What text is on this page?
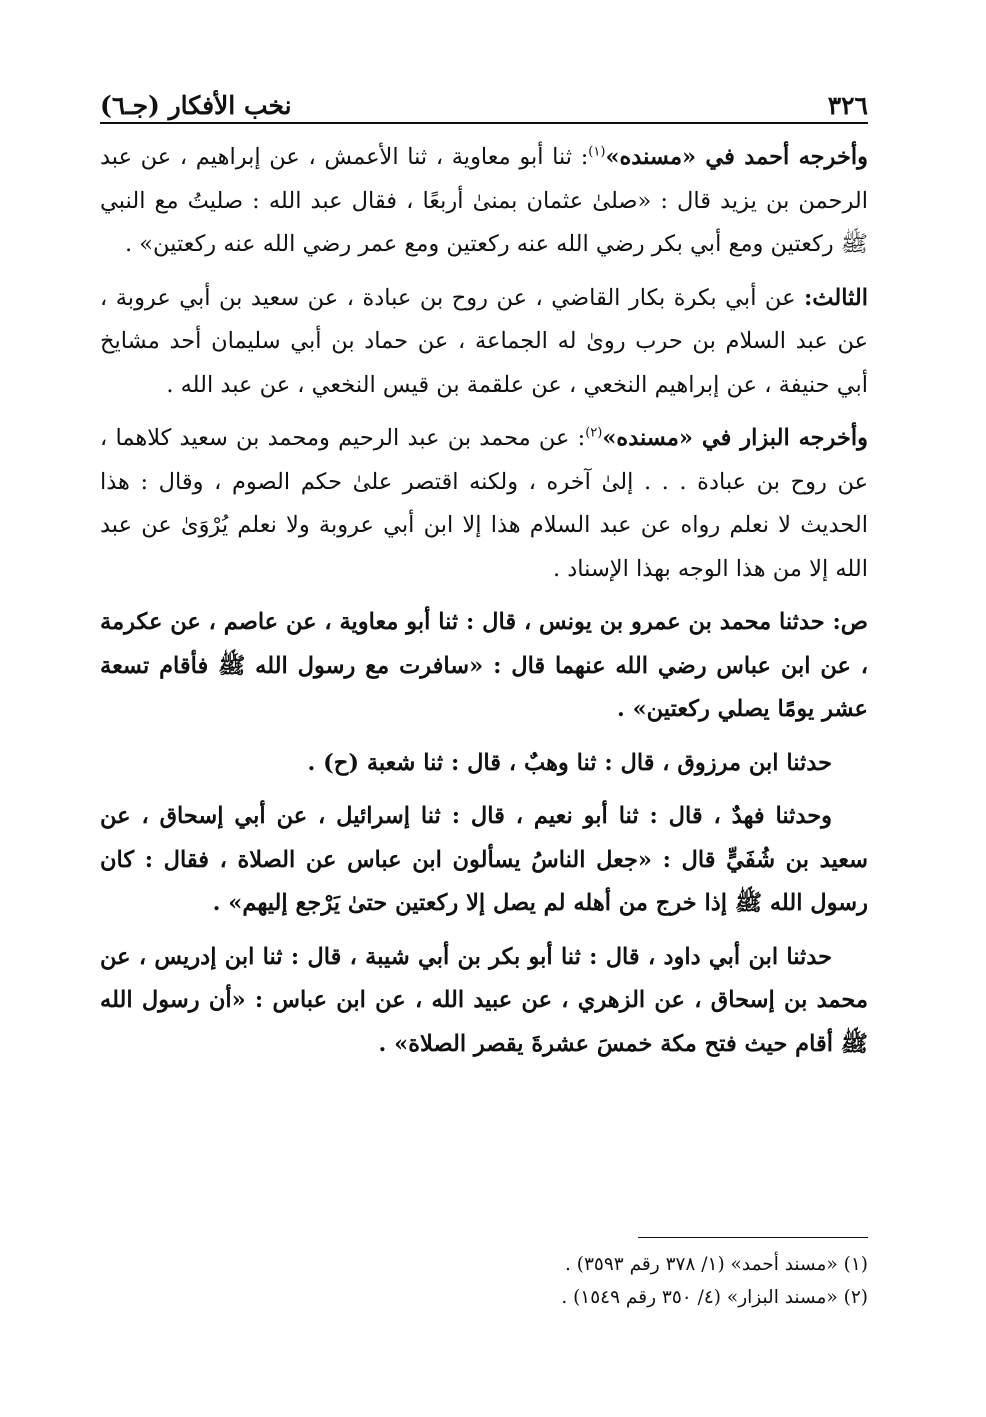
٣٢٦
نخب الأفكار (جـ٦)

وأخرجه أحمد في «مسنده»$^{(١)}$: ثنا أبو معاوية ، ثنا الأعمش ، عن إبراهيم ، عن عبد الرحمن بن يزيد قال : «صلىٰ عثمان بمنىٰ أربعًا ، فقال عبد الله : صليتُ مع النبي ﷺ ركعتين ومع أبي بكر رضي الله عنه ركعتين ومع عمر رضي الله عنه ركعتين» .

الثالث: عن أبي بكرة بكار القاضي ، عن روح بن عبادة ، عن سعيد بن أبي عروبة ، عن عبد السلام بن حرب روىٰ له الجماعة ، عن حماد بن أبي سليمان أحد مشايخ أبي حنيفة ، عن إبراهيم النخعي ، عن علقمة بن قيس النخعي ، عن عبد الله .

وأخرجه البزار في «مسنده»$^{(٢)}$: عن محمد بن عبد الرحيم ومحمد بن سعيد كلاهما ، عن روح بن عبادة . . . إلىٰ آخره ، ولكنه اقتصر علىٰ حكم الصوم ، وقال : هذا الحديث لا نعلم رواه عن عبد السلام هذا إلا ابن أبي عروبة ولا نعلم يُرْوَىٰ عن عبد الله إلا من هذا الوجه بهذا الإسناد .

ص: حدثنا محمد بن عمرو بن يونس ، قال : ثنا أبو معاوية ، عن عاصم ، عن عكرمة ، عن ابن عباس رضي الله عنهما قال : «سافرت مع رسول الله ﷺ فأقام تسعة عشر يومًا يصلي ركعتين» .

حدثنا ابن مرزوق ، قال : ثنا وهبٌ ، قال : ثنا شعبة (ح) .

وحدثنا فهدٌ ، قال : ثنا أبو نعيم ، قال : ثنا إسرائيل ، عن أبي إسحاق ، عن سعيد بن شُفَيٍّ قال : «جعل الناسُ يسألون ابن عباس عن الصلاة ، فقال : كان رسول الله ﷺ إذا خرج من أهله لم يصل إلا ركعتين حتىٰ يَرْجع إليهم» .

حدثنا ابن أبي داود ، قال : ثنا أبو بكر بن أبي شيبة ، قال : ثنا ابن إدريس ، عن محمد بن إسحاق ، عن الزهري ، عن عبيد الله ، عن ابن عباس : «أن رسول الله ﷺ أقام حيث فتح مكة خمسَ عشرةَ يقصر الصلاة» .

(١) «مسند أحمد» (١/ ٣٧٨ رقم ٣٥٩٣) .

(٢) «مسند البزار» (٤/ ٣٥٠ رقم ١٥٤٩) .
